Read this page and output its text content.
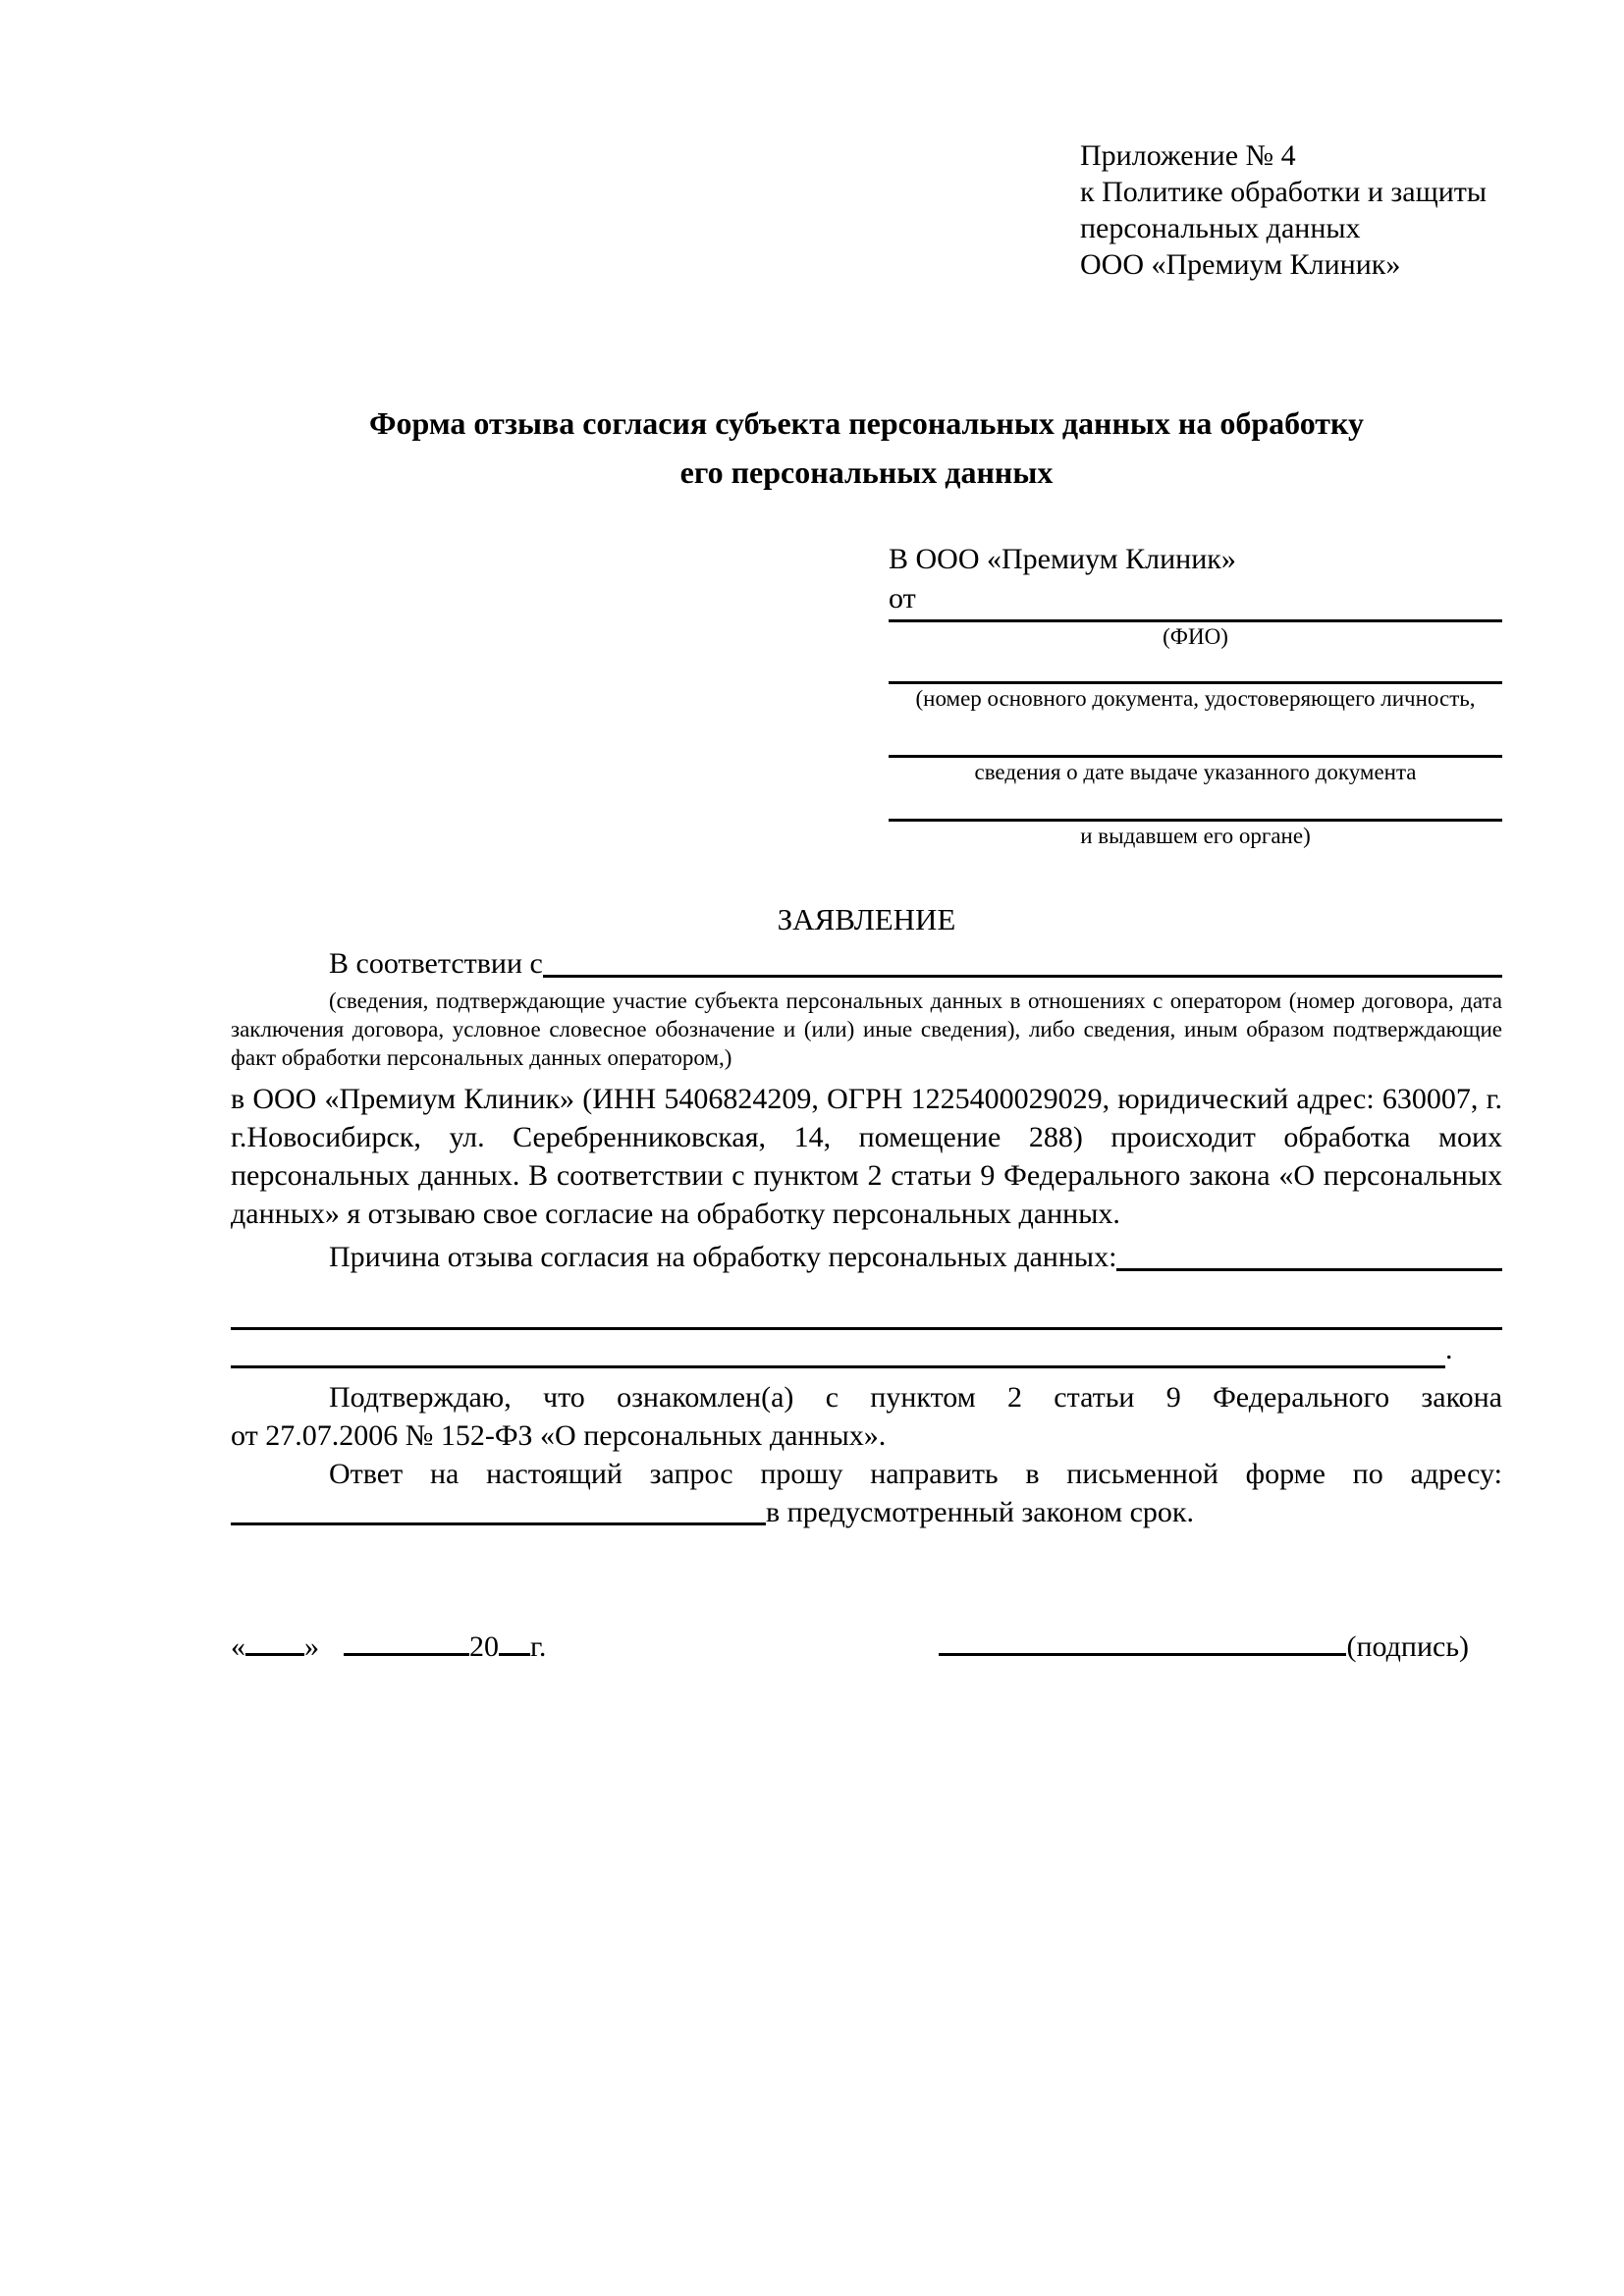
Приложение № 4
к Политике обработки и защиты
персональных данных
ООО «Премиум Клиник»
Форма отзыва согласия субъекта персональных данных на обработку
его персональных данных
В ООО «Премиум Клиник»
от
(ФИО)
(номер основного документа, удостоверяющего личность,
сведения о дате выдаче указанного документа
и выдавшем его органе)
ЗАЯВЛЕНИЕ
В соответствии с
(сведения, подтверждающие участие субъекта персональных данных в отношениях с оператором (номер договора, дата заключения договора, условное словесное обозначение и (или) иные сведения), либо сведения, иным образом подтверждающие факт обработки персональных данных оператором,)
в ООО «Премиум Клиник» (ИНН 5406824209, ОГРН 1225400029029, юридический адрес: 630007, г. г.Новосибирск, ул. Серебренниковская, 14, помещение 288) происходит обработка моих персональных данных. В соответствии с пунктом 2 статьи 9 Федерального закона «О персональных данных» я отзываю свое согласие на обработку персональных данных.
Причина отзыва согласия на обработку персональных данных:
.
Подтверждаю, что ознакомлен(а) с пунктом 2 статьи 9 Федерального закона
от 27.07.2006 № 152-ФЗ «О персональных данных».
Ответ на настоящий запрос прошу направить в письменной форме по адресу:
в предусмотренный законом срок.
« »	20 г.	(подпись)
